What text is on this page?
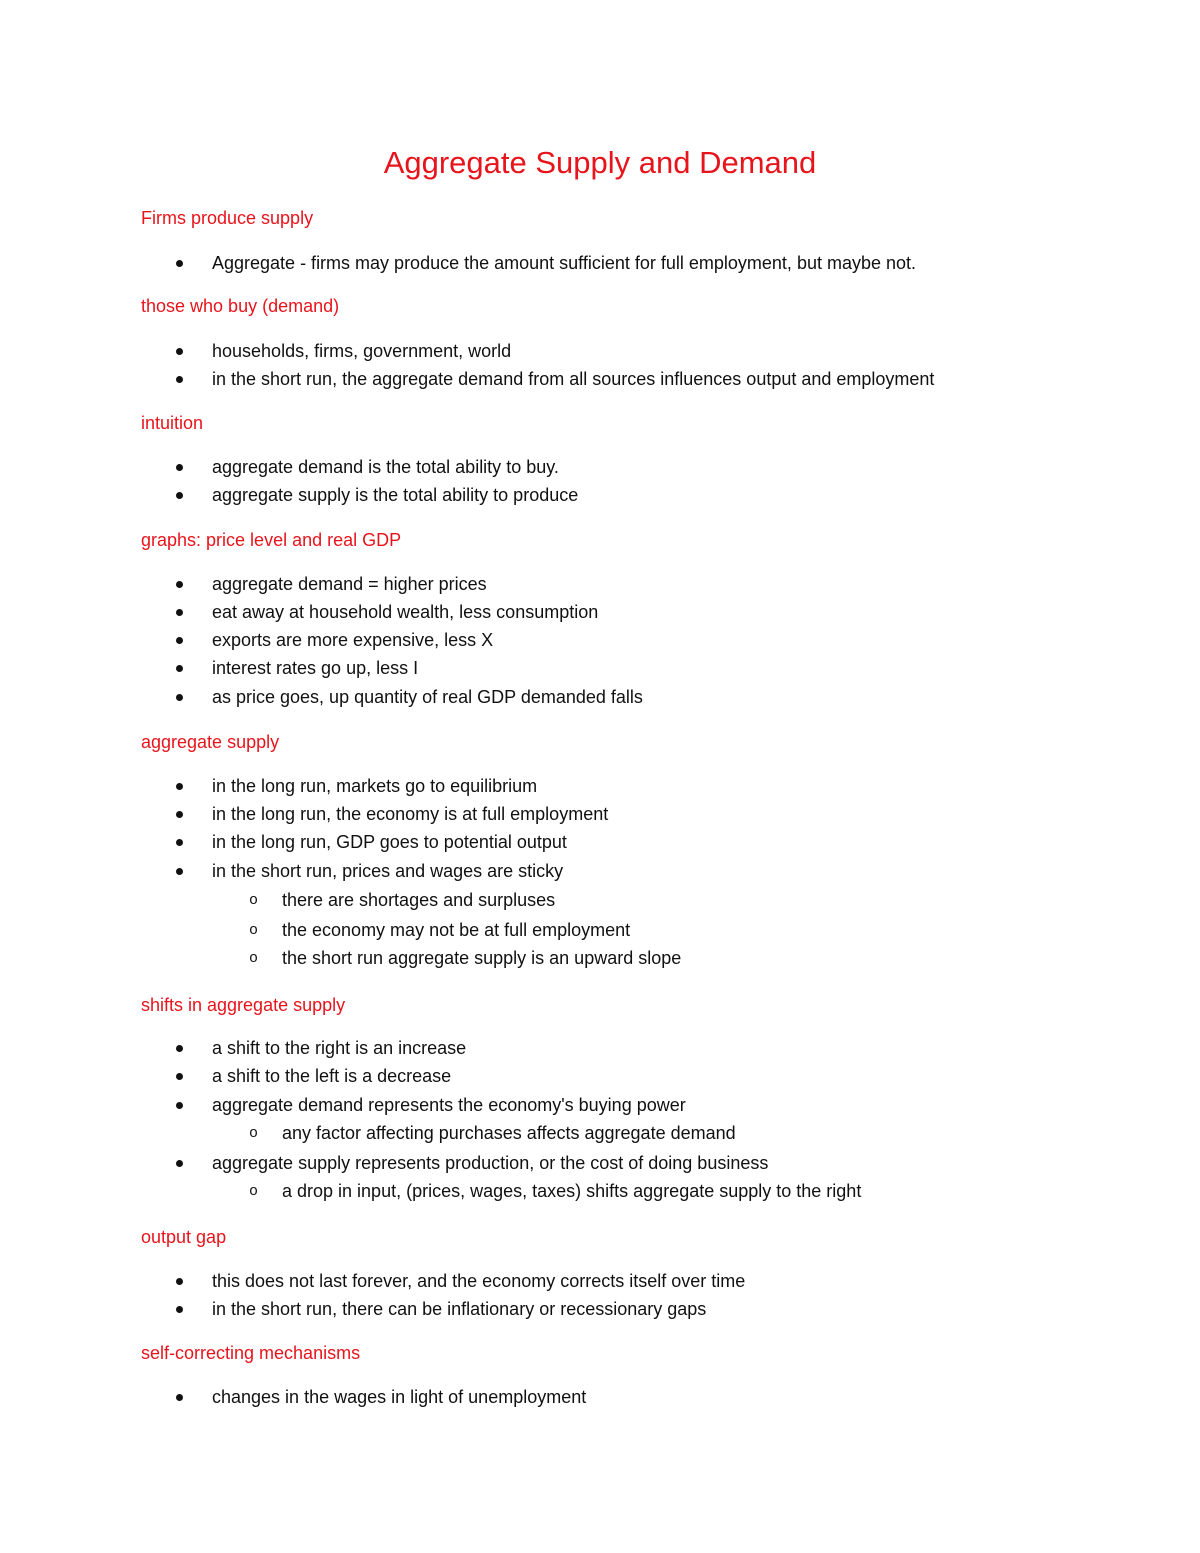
Aggregate Supply and Demand

Firms produce supply

Aggregate - firms may produce the amount sufficient for full employment, but maybe not.

those who buy (demand)

households, firms, government, world

in the short run, the aggregate demand from all sources influences output and employment

intuition

aggregate demand is the total ability to buy.

aggregate supply is the total ability to produce

graphs: price level and real GDP

aggregate demand = higher prices

eat away at household wealth, less consumption

exports are more expensive, less X

interest rates go up, less I

as price goes, up quantity of real GDP demanded falls

aggregate supply

in the long run, markets go to equilibrium

in the long run, the economy is at full employment

in the long run, GDP goes to potential output

in the short run, prices and wages are sticky

o there are shortages and surpluses

o the economy may not be at full employment

o the short run aggregate supply is an upward slope

shifts in aggregate supply

a shift to the right is an increase

a shift to the left is a decrease

aggregate demand represents the economy's buying power

o any factor affecting purchases affects aggregate demand

aggregate supply represents production, or the cost of doing business

o a drop in input, (prices, wages, taxes) shifts aggregate supply to the right

output gap

this does not last forever, and the economy corrects itself over time

in the short run, there can be inflationary or recessionary gaps

self-correcting mechanisms

changes in the wages in light of unemployment
